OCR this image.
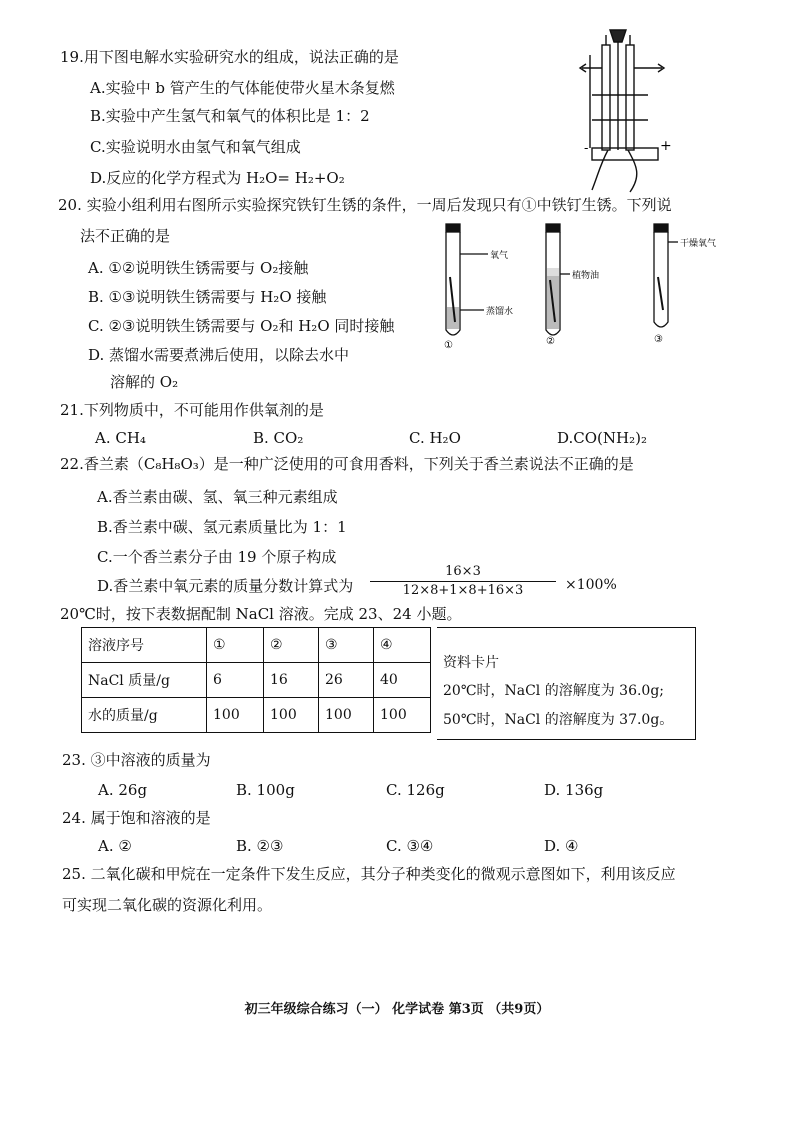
19.用下图电解水实验研究水的组成，说法正确的是
A.实验中 b 管产生的气体能使带火星木条复燃
B.实验中产生氢气和氧气的体积比是 1：2
C.实验说明水由氢气和氧气组成
D.反应的化学方程式为 H₂O= H₂+O₂
-	+
20. 实验小组利用右图所示实验探究铁钉生锈的条件，一周后发现只有①中铁钉生锈。下列说
法不正确的是
A. ①②说明铁生锈需要与 O₂接触
B. ①③说明铁生锈需要与 H₂O 接触
C. ②③说明铁生锈需要与 O₂和 H₂O 同时接触
D. 蒸馏水需要煮沸后使用，以除去水中
溶解的 O₂
氧气
植物油
蒸馏水
干燥氧气
①	②	③
21.下列物质中，不可能用作供氧剂的是
A. CH₄	B. CO₂	C. H₂O	D.CO(NH₂)₂
22.香兰素（C₈H₈O₃）是一种广泛使用的可食用香料，下列关于香兰素说法不正确的是
A.香兰素由碳、氢、氧三种元素组成
B.香兰素中碳、氢元素质量比为 1：1
C.一个香兰素分子由 19 个原子构成
D.香兰素中氧元素的质量分数计算式为
16×3
12×8+1×8+16×3	×100%
20℃时，按下表数据配制 NaCl 溶液。完成 23、24 小题。
溶液序号	①	②	③	④
NaCl 质量/g	6	16	26	40
水的质量/g	100	100	100	100
资料卡片
20℃时，NaCl 的溶解度为 36.0g;
50℃时，NaCl 的溶解度为 37.0g。
23. ③中溶液的质量为
A. 26g	B. 100g	C. 126g	D. 136g
24. 属于饱和溶液的是
A. ②	B. ②③	C. ③④	D. ④
25. 二氧化碳和甲烷在一定条件下发生反应，其分子种类变化的微观示意图如下，利用该反应
可实现二氧化碳的资源化利用。
初三年级综合练习（一） 化学试卷 第3页 （共9页）
